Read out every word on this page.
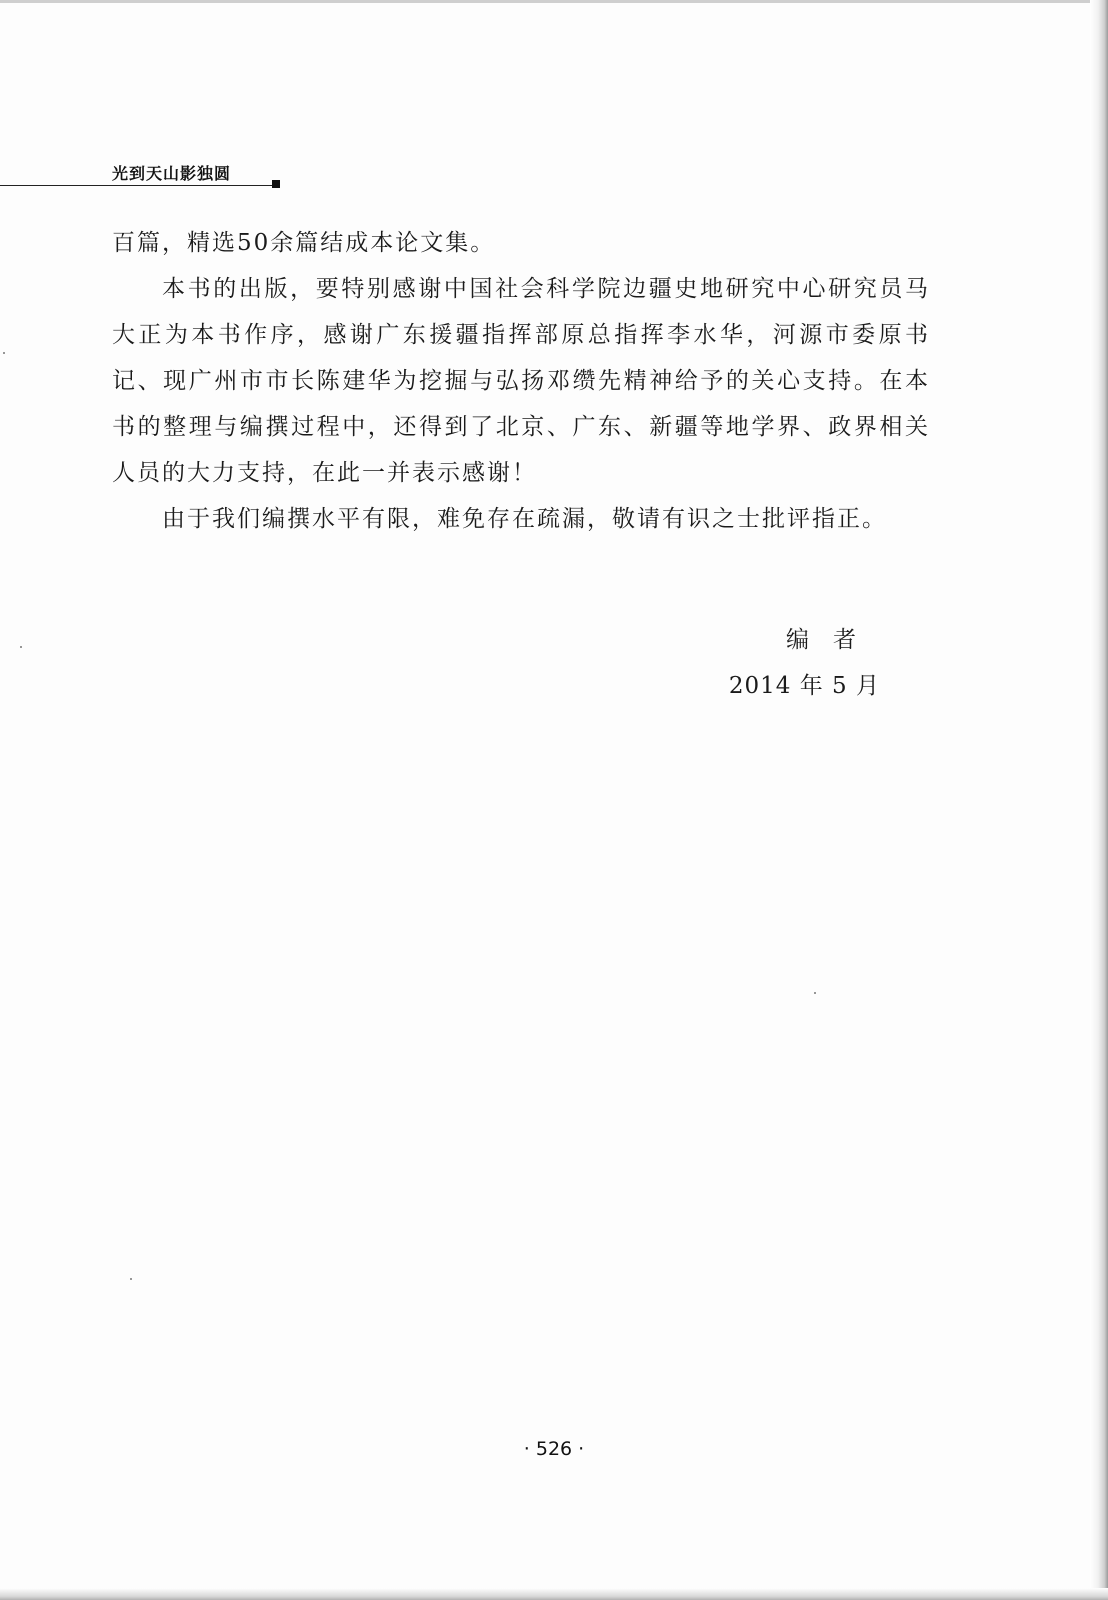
光到天山影独圆

百篇，精选50余篇结成本论文集。

本书的出版，要特别感谢中国社会科学院边疆史地研究中心研究员马大正为本书作序，感谢广东援疆指挥部原总指挥李水华，河源市委原书记、现广州市市长陈建华为挖掘与弘扬邓缵先精神给予的关心支持。在本书的整理与编撰过程中，还得到了北京、广东、新疆等地学界、政界相关人员的大力支持，在此一并表示感谢！

由于我们编撰水平有限，难免存在疏漏，敬请有识之士批评指正。

编者
2014 年 5 月
· 526 ·
